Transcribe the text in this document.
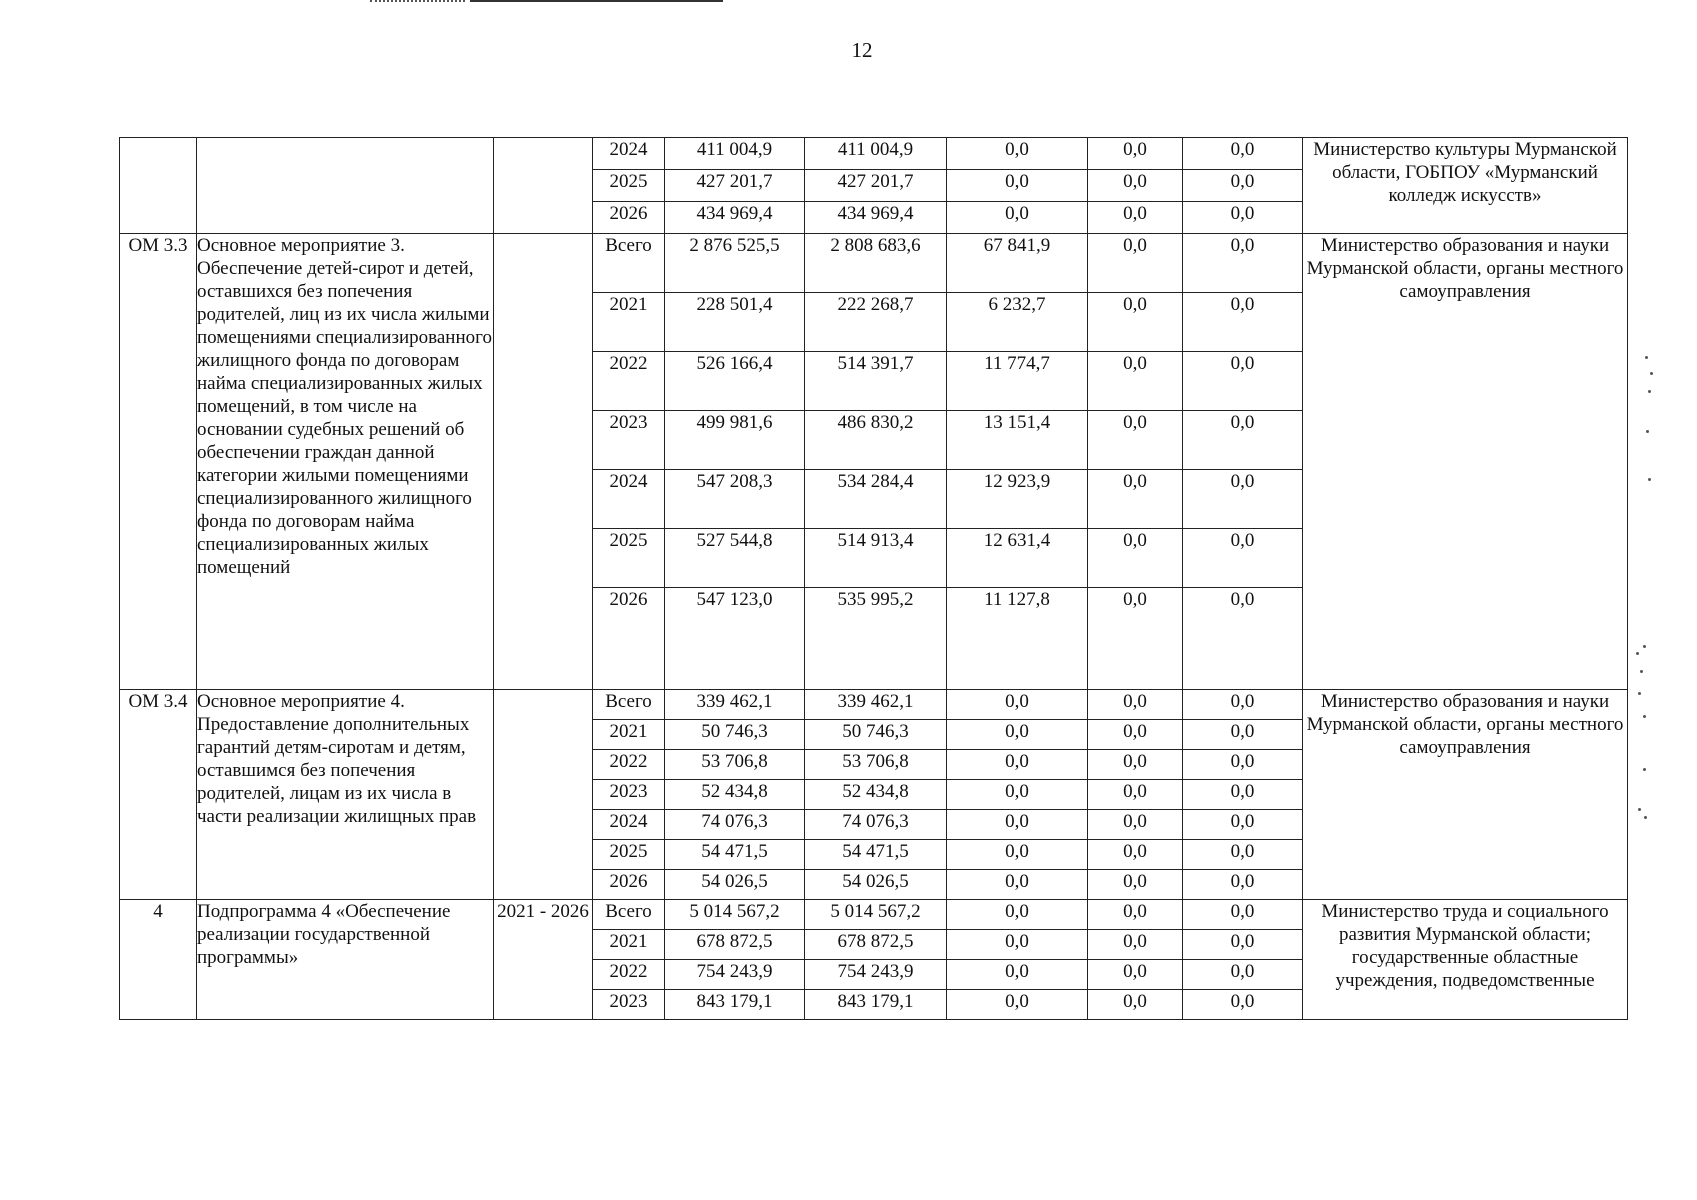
12
			2024	411 004,9	411 004,9	0,0	0,0	0,0	Министерство культуры Мурманской области, ГОБПОУ «Мурманский колледж искусств»
			2025	427 201,7	427 201,7	0,0	0,0	0,0	
			2026	434 969,4	434 969,4	0,0	0,0	0,0	
ОМ 3.3	Основное мероприятие 3. Обеспечение детей-сирот и детей, оставшихся без попечения родителей, лиц из их числа жилыми помещениями специализированного жилищного фонда по договорам найма специализированных жилых помещений, в том числе на основании судебных решений об обеспечении граждан данной категории жилыми помещениями специализированного жилищного фонда по договорам найма специализированных жилых помещений		Всего	2 876 525,5	2 808 683,6	67 841,9	0,0	0,0	Министерство образования и науки Мурманской области, органы местного самоуправления
			2021	228 501,4	222 268,7	6 232,7	0,0	0,0	
			2022	526 166,4	514 391,7	11 774,7	0,0	0,0	
			2023	499 981,6	486 830,2	13 151,4	0,0	0,0	
			2024	547 208,3	534 284,4	12 923,9	0,0	0,0	
			2025	527 544,8	514 913,4	12 631,4	0,0	0,0	
			2026	547 123,0	535 995,2	11 127,8	0,0	0,0	
ОМ 3.4	Основное мероприятие 4. Предоставление дополнительных гарантий детям-сиротам и детям, оставшимся без попечения родителей, лицам из их числа в части реализации жилищных прав		Всего	339 462,1	339 462,1	0,0	0,0	0,0	Министерство образования и науки Мурманской области, органы местного самоуправления
			2021	50 746,3	50 746,3	0,0	0,0	0,0	
			2022	53 706,8	53 706,8	0,0	0,0	0,0	
			2023	52 434,8	52 434,8	0,0	0,0	0,0	
			2024	74 076,3	74 076,3	0,0	0,0	0,0	
			2025	54 471,5	54 471,5	0,0	0,0	0,0	
			2026	54 026,5	54 026,5	0,0	0,0	0,0	
4	Подпрограмма 4 «Обеспечение реализации государственной программы»	2021 - 2026	Всего	5 014 567,2	5 014 567,2	0,0	0,0	0,0	Министерство труда и социального развития Мурманской области; государственные областные учреждения, подведомственные
			2021	678 872,5	678 872,5	0,0	0,0	0,0	
			2022	754 243,9	754 243,9	0,0	0,0	0,0	
			2023	843 179,1	843 179,1	0,0	0,0	0,0	
